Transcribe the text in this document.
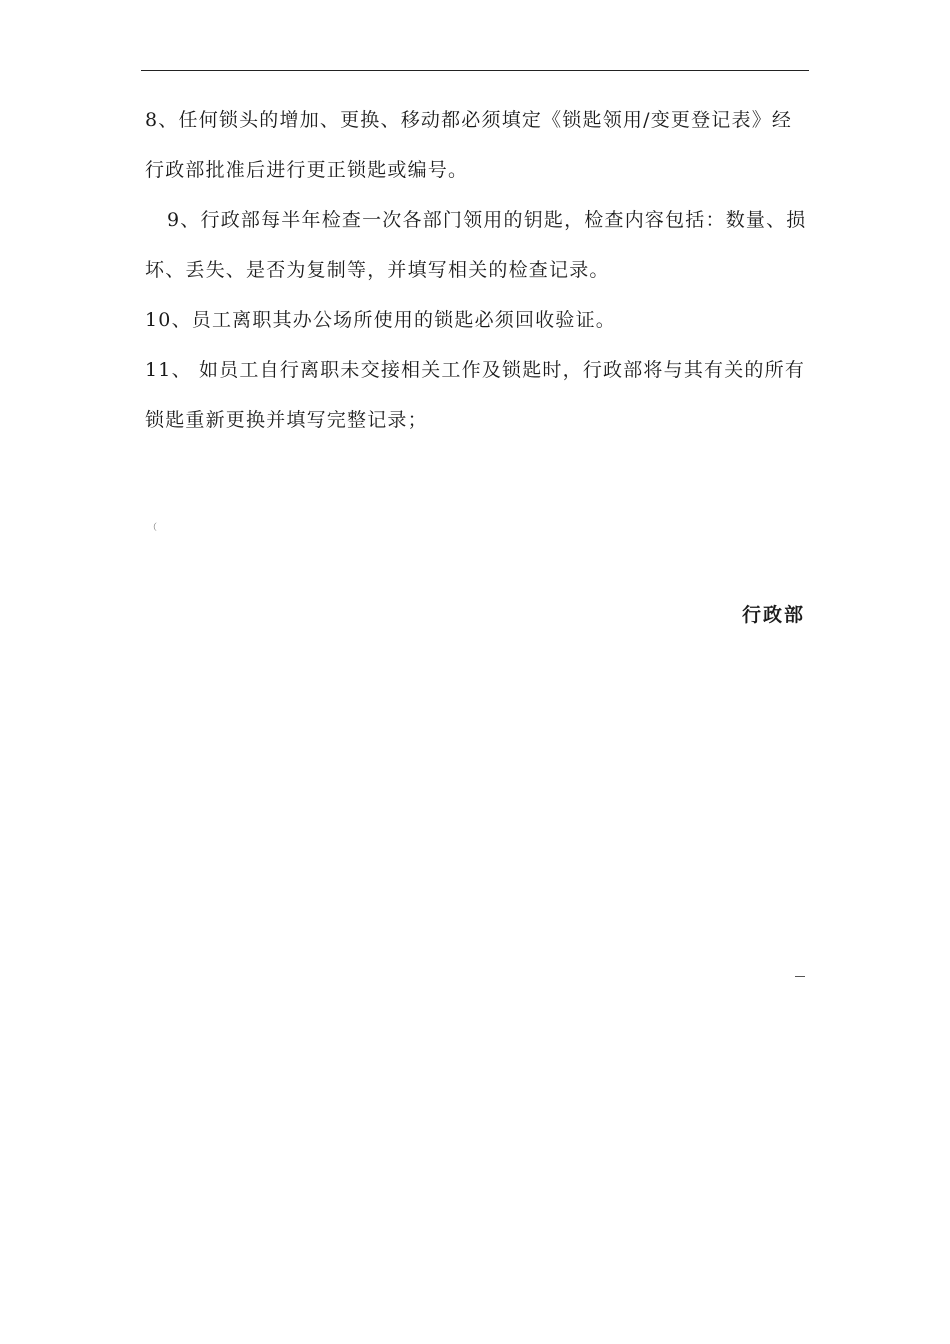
8、任何锁头的增加、更换、移动都必须填定《锁匙领用/变更登记表》经行政部批准后进行更正锁匙或编号。

9、行政部每半年检查一次各部门领用的钥匙，检查内容包括：数量、损坏、丢失、是否为复制等，并填写相关的检查记录。

10、员工离职其办公场所使用的锁匙必须回收验证。

11、 如员工自行离职未交接相关工作及锁匙时，行政部将与其有关的所有锁匙重新更换并填写完整记录；

（
行政部
